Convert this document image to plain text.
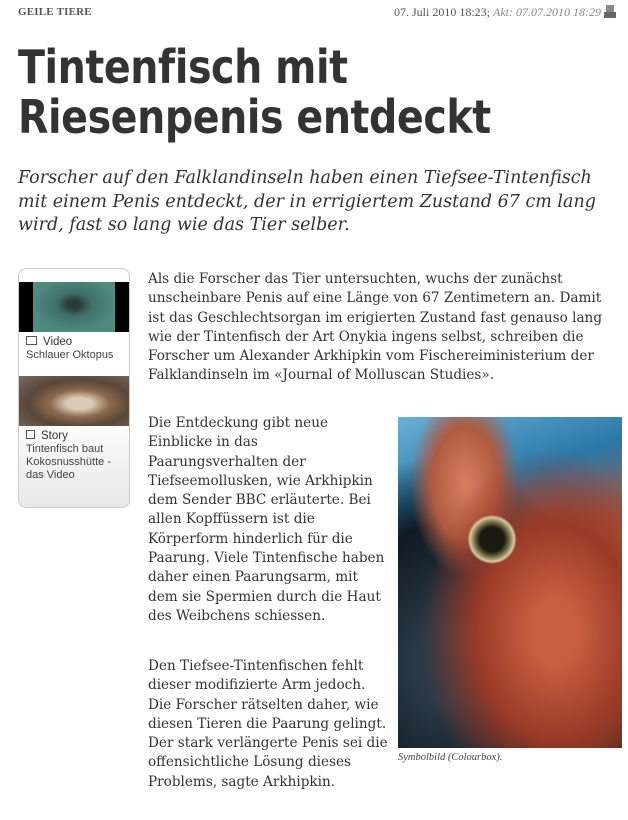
GEILE TIERE	07. Juli 2010 18:23; Akt: 07.07.2010 18:29
Tintenfisch mit
Riesenpenis entdeckt
Forscher auf den Falklandinseln haben einen Tiefsee-Tintenfisch mit einem Penis entdeckt, der in errigiertem Zustand 67 cm lang wird, fast so lang wie das Tier selber.
Video
Schlauer Oktopus
Story
Tintenfisch baut Kokosnusshütte - das Video

Als die Forscher das Tier untersuchten, wuchs der zunächst unscheinbare Penis auf eine Länge von 67 Zentimetern an. Damit ist das Geschlechtsorgan im erigierten Zustand fast genauso lang wie der Tintenfisch der Art Onykia ingens selbst, schreiben die Forscher um Alexander Arkhipkin vom Fischereiministerium der Falklandinseln im «Journal of Molluscan Studies».

Die Entdeckung gibt neue Einblicke in das Paarungsverhalten der Tiefseemollusken, wie Arkhipkin dem Sender BBC erläuterte. Bei allen Kopffüssern ist die Körperform hinderlich für die Paarung. Viele Tintenfische haben daher einen Paarungsarm, mit dem sie Spermien durch die Haut des Weibchens schiessen.

Den Tiefsee-Tintenfischen fehlt dieser modifizierte Arm jedoch. Die Forscher rätselten daher, wie diesen Tieren die Paarung gelingt. Der stark verlängerte Penis sei die offensichtliche Lösung dieses Problems, sagte Arkhipkin.

Symbolbild (Colourbox).
